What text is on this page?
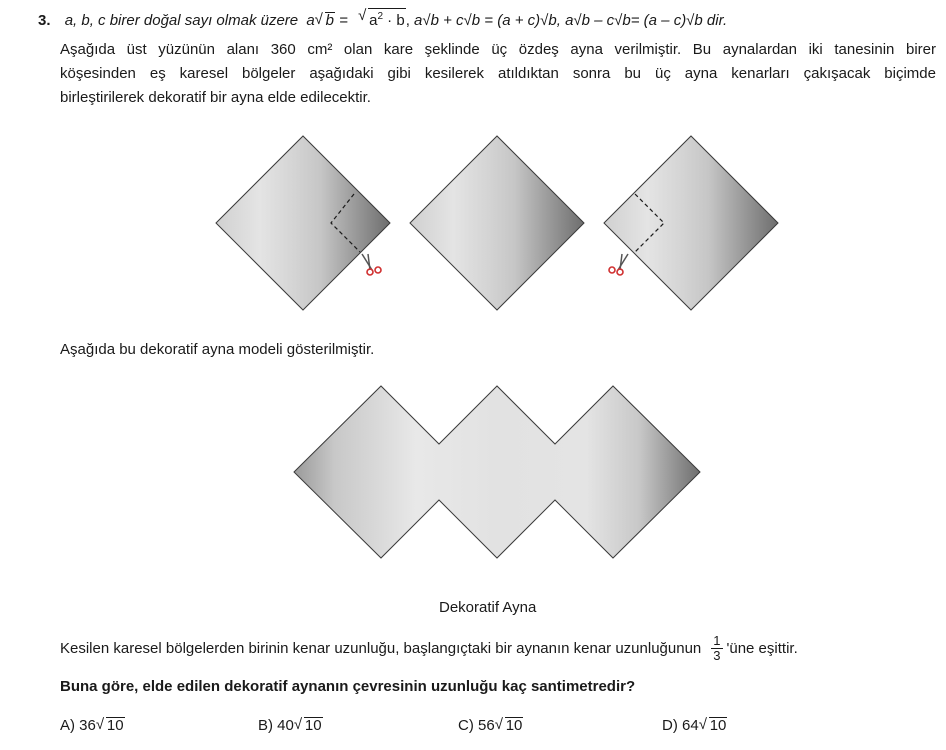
3. a, b, c birer doğal sayı olmak üzere a √ b = √ $a^2 \cdot b$, a√b + c√b = (a + c)√b, a√b – c√b= (a – c)√b dir.
Aşağıda üst yüzünün alanı 360 cm² olan kare şeklinde üç özdeş ayna verilmiştir. Bu aynalardan iki tanesinin birer
köşesinden eş karesel bölgeler aşağıdaki gibi kesilerek atıldıktan sonra bu üç ayna kenarları çakışacak biçimde
birleştirilerek dekoratif bir ayna elde edilecektir.
Aşağıda bu dekoratif ayna modeli gösterilmiştir.
Dekoratif Ayna
Kesilen karesel bölgelerden birinin kenar uzunluğu, başlangıçtaki bir aynanın kenar uzunluğunun $\frac{1}{3}$ 'üne eşittir.
Buna göre, elde edilen dekoratif aynanın çevresinin uzunluğu kaç santimetredir?
A) 36 √ 10	B) 40 √ 10	C) 56 √ 10	D) 64 √ 10
